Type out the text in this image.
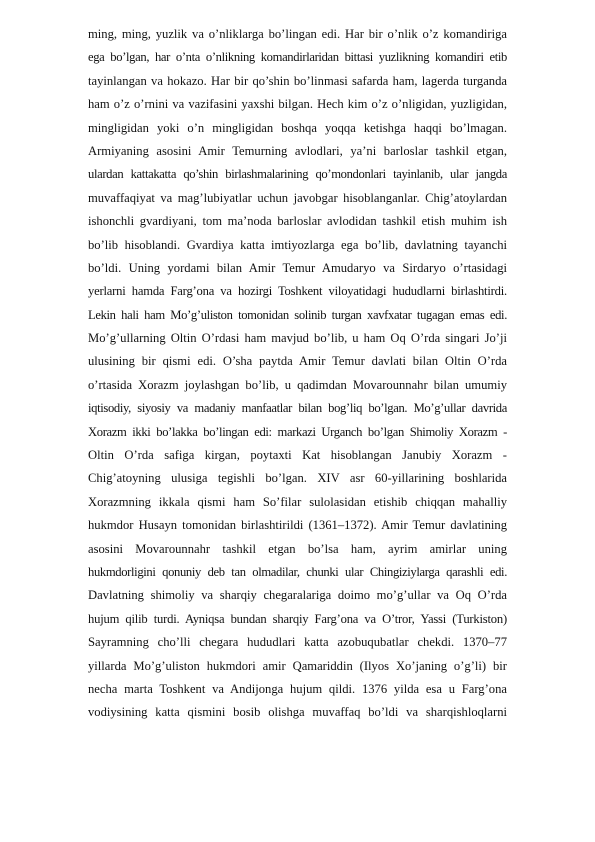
ming, ming, yuzlik va o’nliklarga bo’lingan edi. Har bir o’nlik o’z komandiriga
ega bo’lgan, har o’nta o’nlikning komandirlaridan bittasi yuzlikning komandiri etib
tayinlangan va hokazo. Har bir qo’shin bo’linmasi safarda ham, lagerda turganda
ham o’z o’rnini va vazifasini yaxshi bilgan. Hech kim o’z o’nligidan, yuzligidan,
mingligidan yoki o’n mingligidan boshqa yoqqa ketishga haqqi bo’lmagan.
Armiyaning asosini Amir Temurning avlodlari, ya’ni barloslar tashkil etgan,
ulardan kattakatta qo’shin birlashmalarining qo’mondonlari tayinlanib, ular jangda
muvaffaqiyat va mag’lubiyatlar uchun javobgar hisoblanganlar. Chig’atoylardan
ishonchli gvardiyani, tom ma’noda barloslar avlodidan tashkil etish muhim ish
bo’lib hisoblandi. Gvardiya katta imtiyozlarga ega bo’lib, davlatning tayanchi
bo’ldi. Uning yordami bilan Amir Temur Amudaryo va Sirdaryo o’rtasidagi
yerlarni hamda Farg’ona va hozirgi Toshkent viloyatidagi hududlarni birlashtirdi.
Lekin hali ham Mo’g’uliston tomonidan solinib turgan xavfxatar tugagan emas edi.
Mo’g’ullarning Oltin O’rdasi ham mavjud bo’lib, u ham Oq O’rda singari Jo’ji
ulusining bir qismi edi. O’sha paytda Amir Temur davlati bilan Oltin O’rda
o’rtasida Xorazm joylashgan bo’lib, u qadimdan Movarounnahr bilan umumiy
iqtisodiy, siyosiy va madaniy manfaatlar bilan bog’liq bo’lgan. Mo’g’ullar davrida
Xorazm ikki bo’lakka bo’lingan edi: markazi Urganch bo’lgan Shimoliy Xorazm -
Oltin O’rda safiga kirgan, poytaxti Kat hisoblangan Janubiy Xorazm -
Chig’atoyning ulusiga tegishli bo’lgan. XIV asr 60-yillarining boshlarida
Xorazmning ikkala qismi ham So’filar sulolasidan etishib chiqqan mahalliy
hukmdor Husayn tomonidan birlashtirildi (1361–1372). Amir Temur davlatining
asosini Movarounnahr tashkil etgan bo’lsa ham, ayrim amirlar uning
hukmdorligini qonuniy deb tan olmadilar, chunki ular Chingiziylarga qarashli edi.
Davlatning shimoliy va sharqiy chegaralariga doimo mo’g’ullar va Oq O’rda
hujum qilib turdi. Ayniqsa bundan sharqiy Farg’ona va O’tror, Yassi (Turkiston)
Sayramning cho’lli chegara hududlari katta azobuqubatlar chekdi. 1370–77
yillarda Mo’g’uliston hukmdori amir Qamariddin (Ilyos Xo’janing o’g’li) bir
necha marta Toshkent va Andijonga hujum qildi. 1376 yilda esa u Farg’ona
vodiysining katta qismini bosib olishga muvaffaq bo’ldi va sharqishloqlarni
